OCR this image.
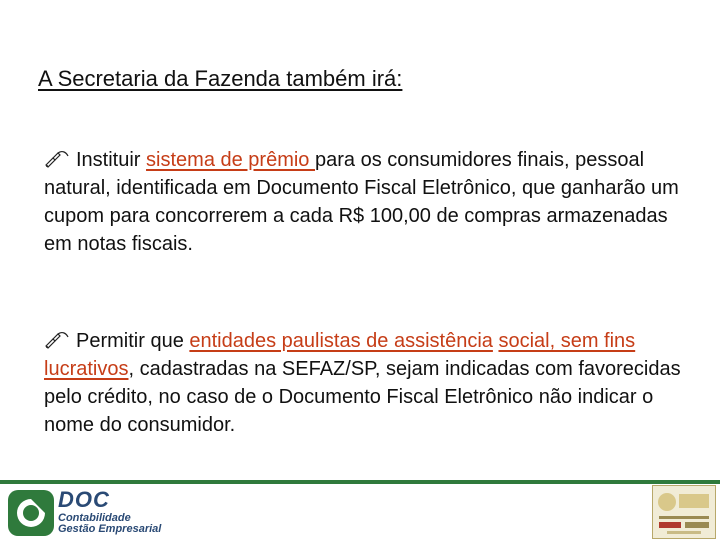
A Secretaria da Fazenda também irá:
Instituir sistema de prêmio para os consumidores finais, pessoal natural, identificada em Documento Fiscal Eletrônico, que ganharão um cupom para concorrerem a cada R$ 100,00 de compras armazenadas em notas fiscais.
Permitir que entidades paulistas de assistência social, sem fins lucrativos, cadastradas na SEFAZ/SP, sejam indicadas com favorecidas pelo crédito, no caso de o Documento Fiscal Eletrônico não indicar o nome do consumidor.
DOC
Contabilidade
Gestão Empresarial
